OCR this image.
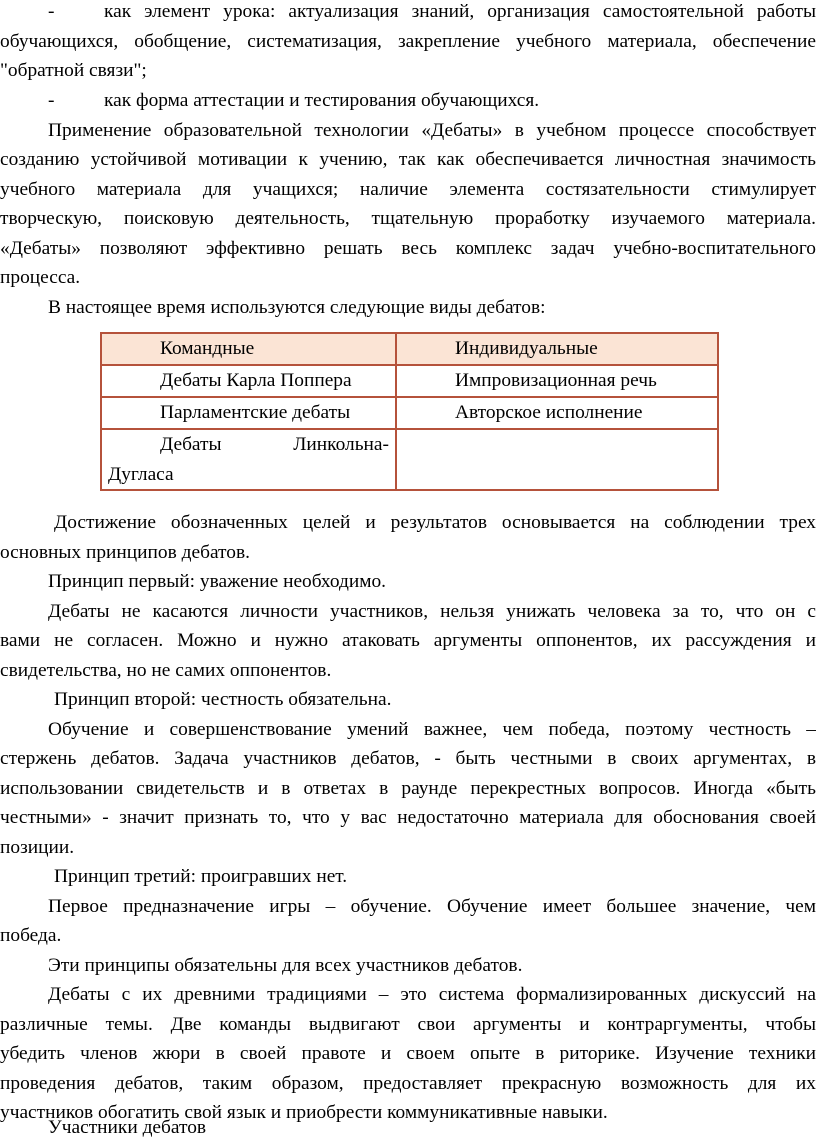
-	как элемент урока: актуализация знаний, организация самостоятельной работы
обучающихся, обобщение, систематизация, закрепление учебного материала, обеспечение
"обратной связи";
-	как форма аттестации и тестирования обучающихся.
Применение образовательной технологии «Дебаты» в учебном процессе способствует
созданию устойчивой мотивации к учению, так как обеспечивается личностная значимость
учебного материала для учащихся; наличие элемента состязательности стимулирует
творческую, поисковую деятельность, тщательную проработку изучаемого материала.
«Дебаты» позволяют эффективно решать весь комплекс задач учебно-воспитательного
процесса.
В настоящее время используются следующие виды дебатов:
Командные	Индивидуальные

Дебаты Карла Поппера	Импровизационная речь

Парламентские дебаты	Авторское исполнение

Дебаты Линкольна-
Дугласа	

Достижение обозначенных целей и результатов основывается на соблюдении трех
основных принципов дебатов.
Принцип первый: уважение необходимо.
Дебаты не касаются личности участников, нельзя унижать человека за то, что он с
вами не согласен. Можно и нужно атаковать аргументы оппонентов, их рассуждения и
свидетельства, но не самих оппонентов.
Принцип второй: честность обязательна.
Обучение и совершенствование умений важнее, чем победа, поэтому честность –
стержень дебатов. Задача участников дебатов, - быть честными в своих аргументах, в
использовании свидетельств и в ответах в раунде перекрестных вопросов. Иногда «быть
честными» - значит признать то, что у вас недостаточно материала для обоснования своей
позиции.
Принцип третий: проигравших нет.
Первое предназначение игры – обучение. Обучение имеет большее значение, чем
победа.
Эти принципы обязательны для всех участников дебатов.
Дебаты с их древними традициями – это система формализированных дискуссий на
различные темы. Две команды выдвигают свои аргументы и контраргументы, чтобы
убедить членов жюри в своей правоте и своем опыте в риторике. Изучение техники
проведения дебатов, таким образом, предоставляет прекрасную возможность для их
участников обогатить свой язык и приобрести коммуникативные навыки.
Участники дебатов
